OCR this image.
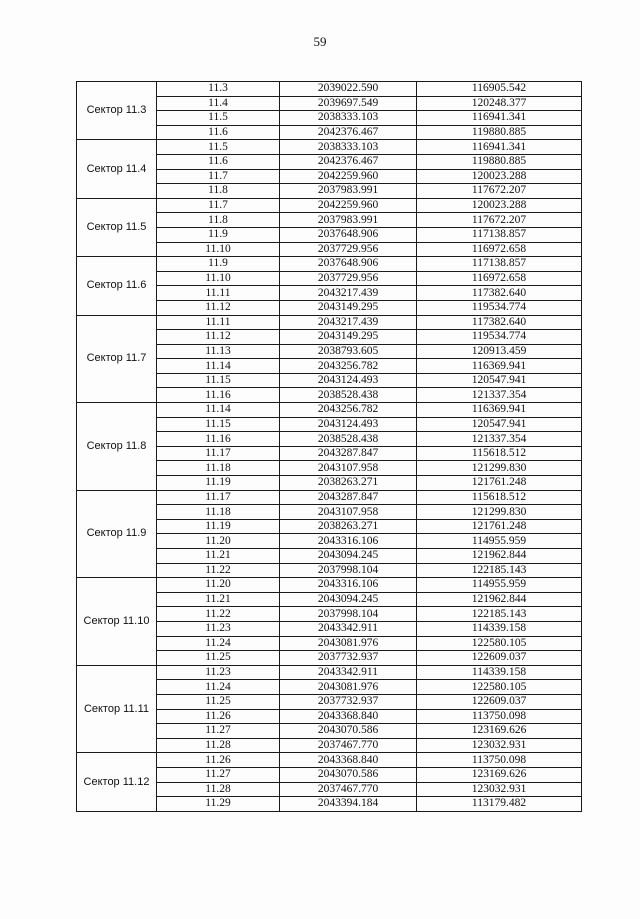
59
Сектор 11.3	11.3	2039022.590	116905.542
	11.4	2039697.549	120248.377
	11.5	2038333.103	116941.341
	11.6	2042376.467	119880.885
Сектор 11.4	11.5	2038333.103	116941.341
	11.6	2042376.467	119880.885
	11.7	2042259.960	120023.288
	11.8	2037983.991	117672.207
Сектор 11.5	11.7	2042259.960	120023.288
	11.8	2037983.991	117672.207
	11.9	2037648.906	117138.857
	11.10	2037729.956	116972.658
Сектор 11.6	11.9	2037648.906	117138.857
	11.10	2037729.956	116972.658
	11.11	2043217.439	117382.640
	11.12	2043149.295	119534.774
Сектор 11.7	11.11	2043217.439	117382.640
	11.12	2043149.295	119534.774
	11.13	2038793.605	120913.459
	11.14	2043256.782	116369.941
	11.15	2043124.493	120547.941
	11.16	2038528.438	121337.354
Сектор 11.8	11.14	2043256.782	116369.941
	11.15	2043124.493	120547.941
	11.16	2038528.438	121337.354
	11.17	2043287.847	115618.512
	11.18	2043107.958	121299.830
	11.19	2038263.271	121761.248
Сектор 11.9	11.17	2043287.847	115618.512
	11.18	2043107.958	121299.830
	11.19	2038263.271	121761.248
	11.20	2043316.106	114955.959
	11.21	2043094.245	121962.844
	11.22	2037998.104	122185.143
Сектор 11.10	11.20	2043316.106	114955.959
	11.21	2043094.245	121962.844
	11.22	2037998.104	122185.143
	11.23	2043342.911	114339.158
	11.24	2043081.976	122580.105
	11.25	2037732.937	122609.037
Сектор 11.11	11.23	2043342.911	114339.158
	11.24	2043081.976	122580.105
	11.25	2037732.937	122609.037
	11.26	2043368.840	113750.098
	11.27	2043070.586	123169.626
	11.28	2037467.770	123032.931
Сектор 11.12	11.26	2043368.840	113750.098
	11.27	2043070.586	123169.626
	11.28	2037467.770	123032.931
	11.29	2043394.184	113179.482
